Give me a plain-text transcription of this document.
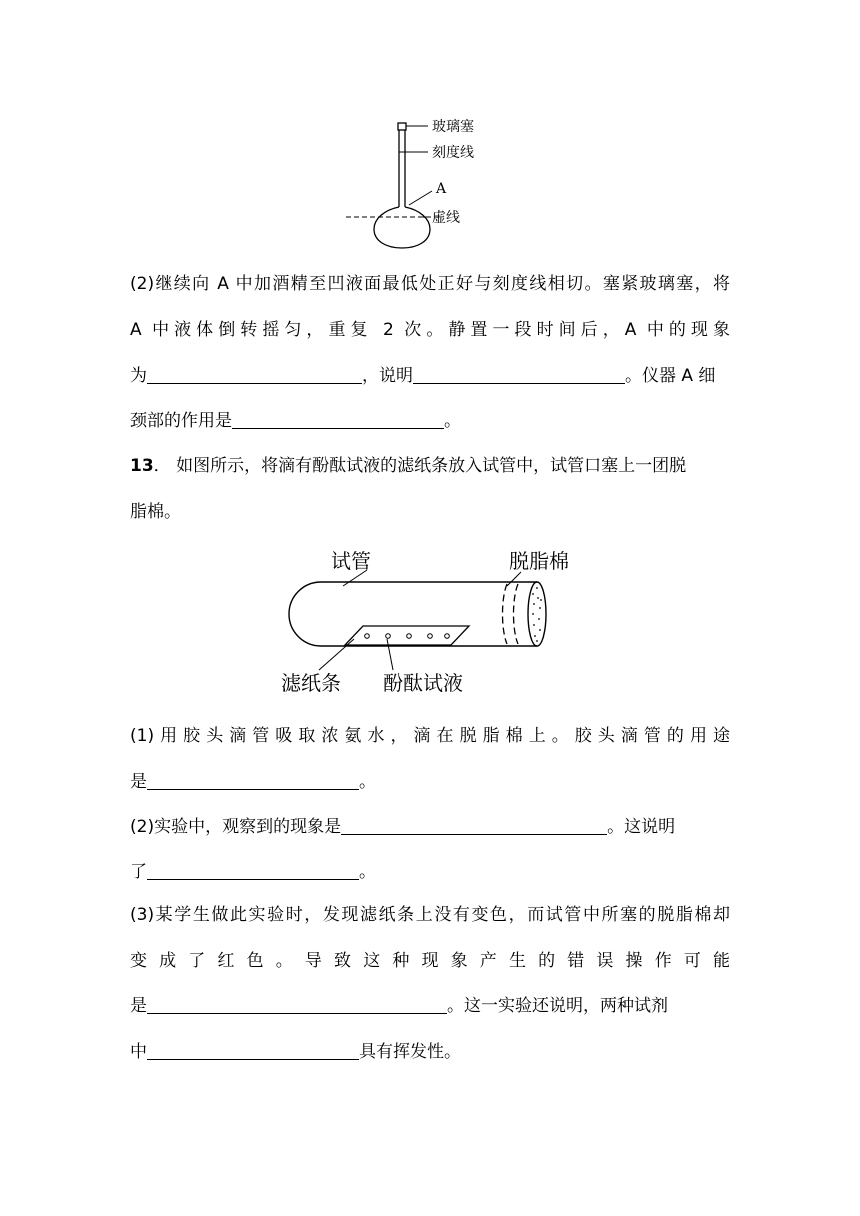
玻璃塞
刻度线
A
虚线
(2)继续向 A 中加酒精至凹液面最低处正好与刻度线相切。塞紧玻璃塞，将
A 中液体倒转摇匀，重复 2 次。静置一段时间后，A 中的现象
为	，说明	。仪器 A 细
颈部的作用是	。
13． 如图所示，将滴有酚酞试液的滤纸条放入试管中，试管口塞上一团脱
脂棉。
试管	脱脂棉
滤纸条 酚酞试液
(1)用胶头滴管吸取浓氨水，滴在脱脂棉上。胶头滴管的用途
是	。
(2)实验中，观察到的现象是	。这说明
了	。
(3)某学生做此实验时，发现滤纸条上没有变色，而试管中所塞的脱脂棉却
变成了红色。导致这种现象产生的错误操作可能
是	。这一实验还说明，两种试剂
中	具有挥发性。
